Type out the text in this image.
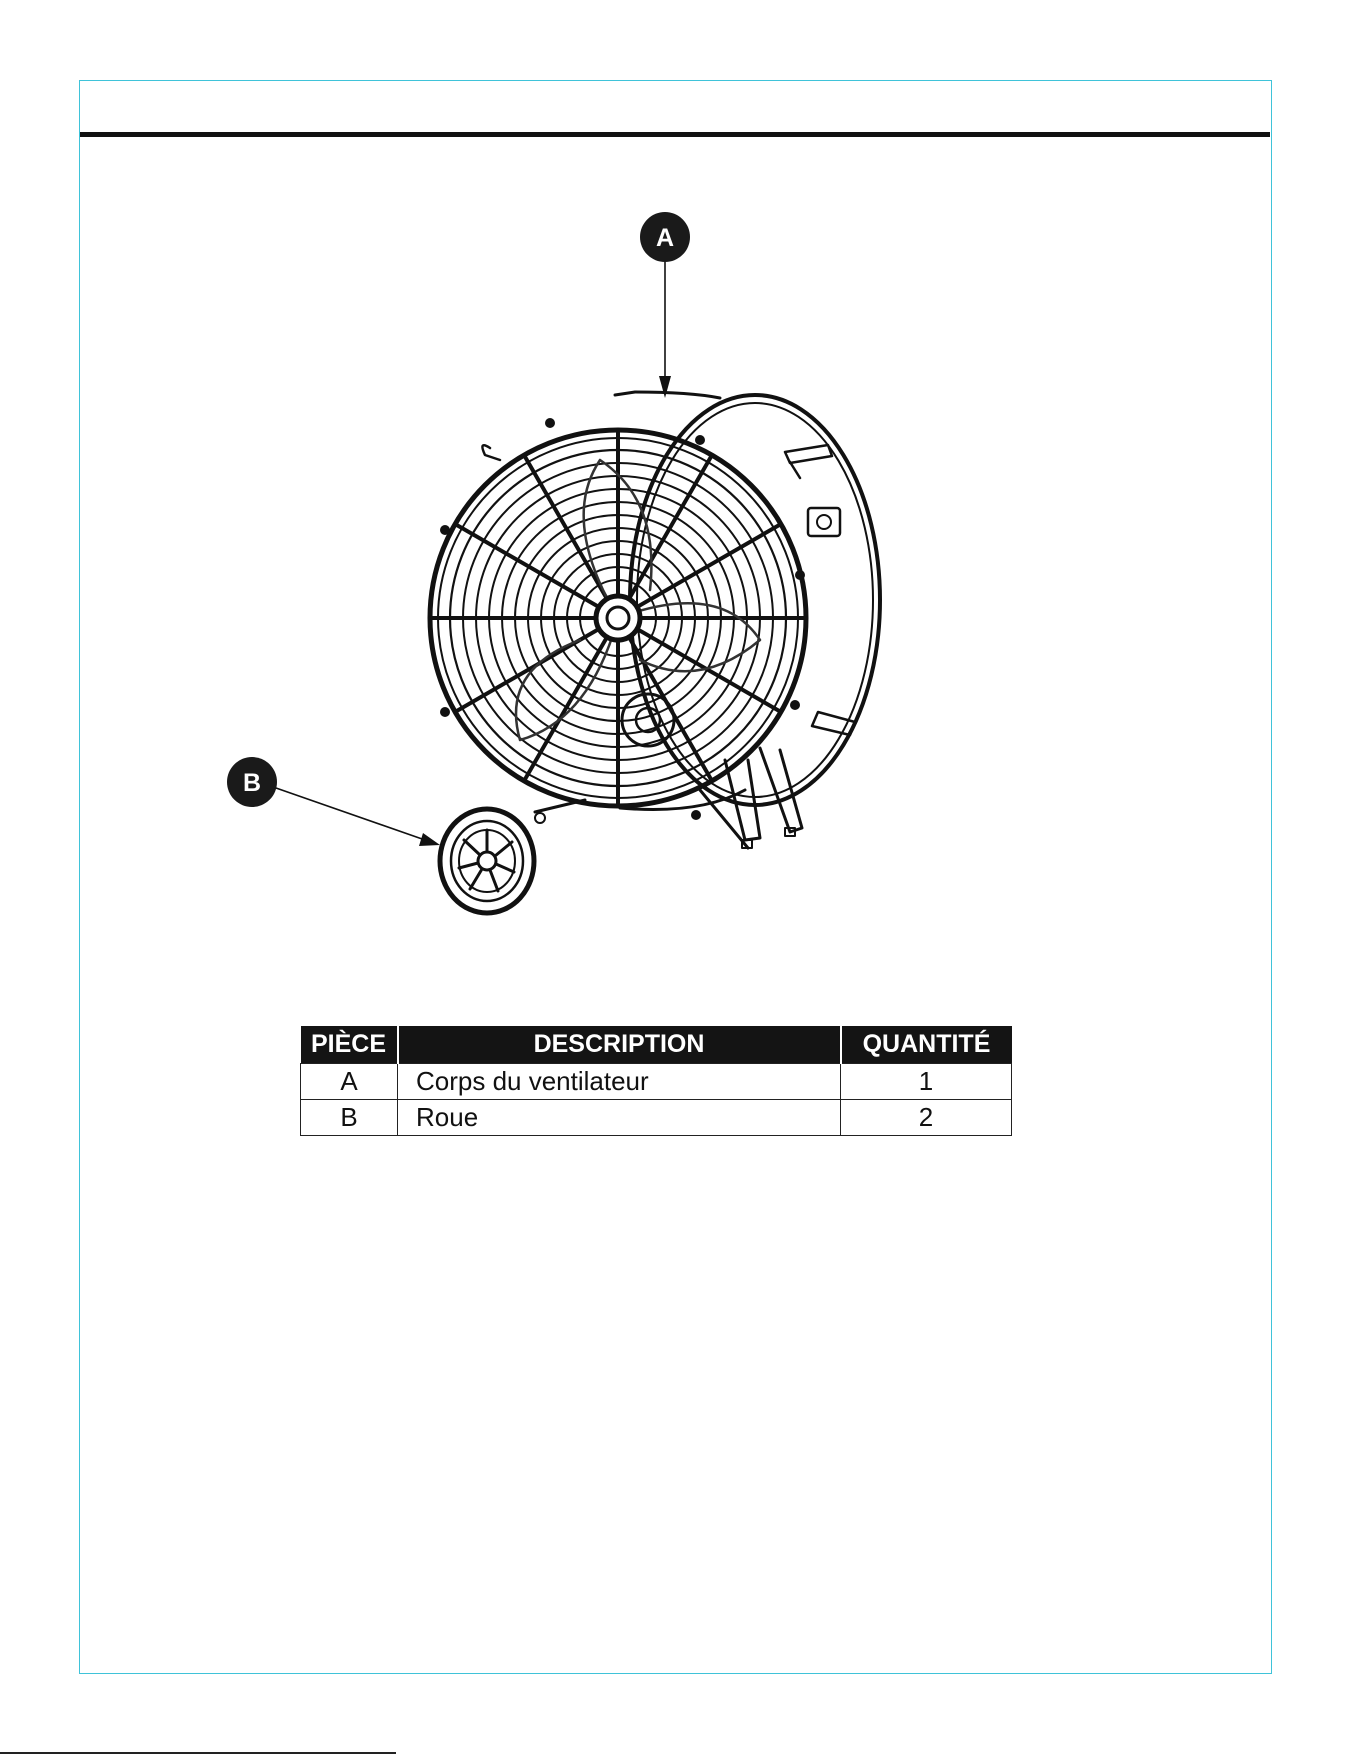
A
B
PIÈCE	DESCRIPTION	QUANTITÉ
A	Corps du ventilateur	1
B	Roue	2
